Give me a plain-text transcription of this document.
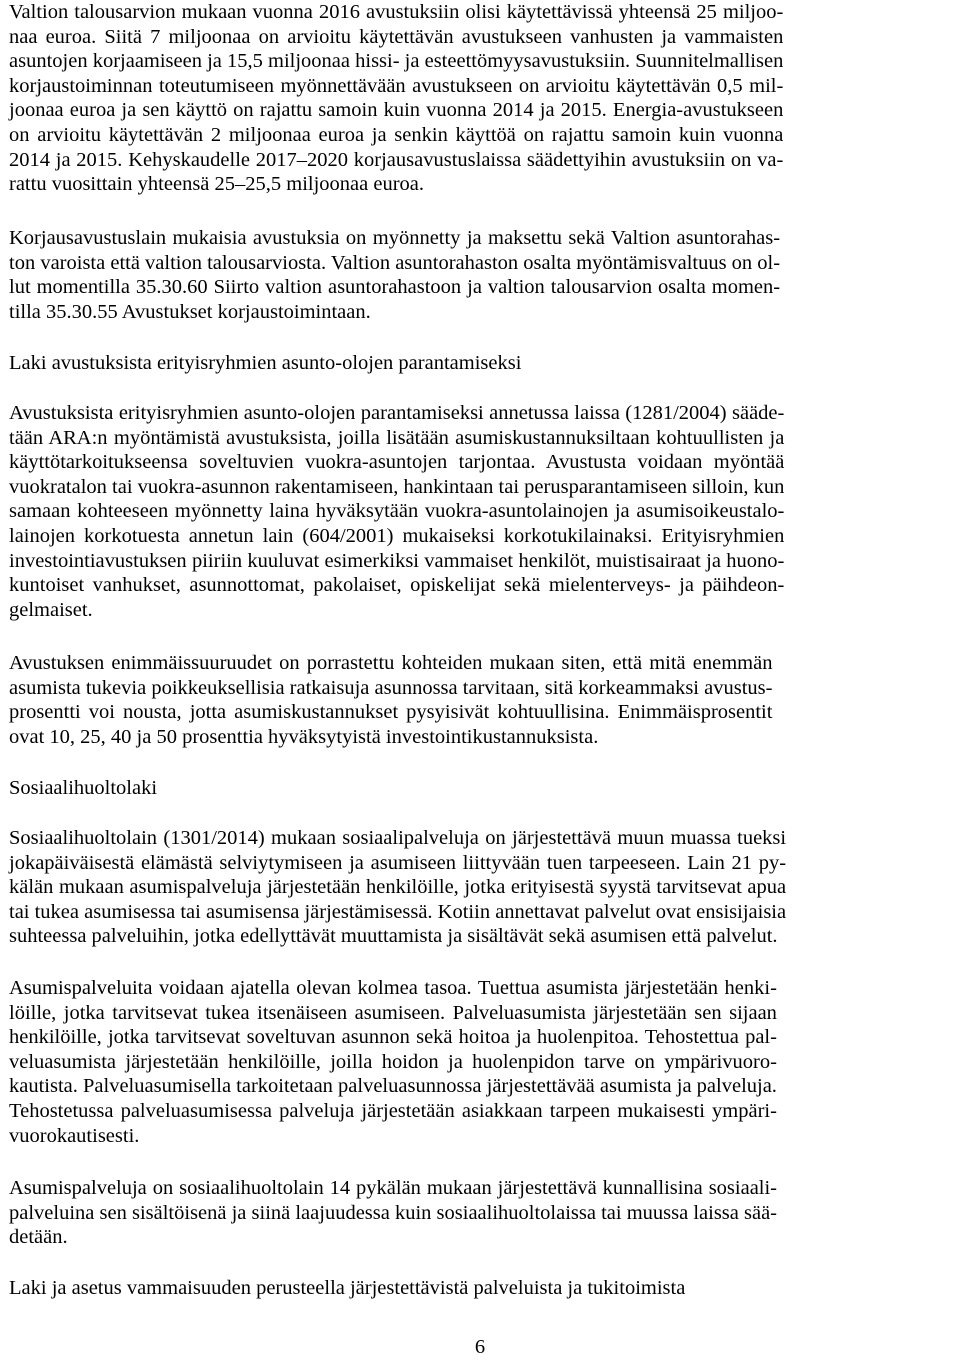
Valtion talousarvion mukaan vuonna 2016 avustuksiin olisi käytettävissä yhteensä 25 miljoo-
naa euroa. Siitä 7 miljoonaa on arvioitu käytettävän avustukseen vanhusten ja vammaisten
asuntojen korjaamiseen ja 15,5 miljoonaa hissi- ja esteettömyysavustuksiin. Suunnitelmallisen
korjaustoiminnan toteutumiseen myönnettävään avustukseen on arvioitu käytettävän 0,5 mil-
joonaa euroa ja sen käyttö on rajattu samoin kuin vuonna 2014 ja 2015. Energia-avustukseen
on arvioitu käytettävän 2 miljoonaa euroa ja senkin käyttöä on rajattu samoin kuin vuonna
2014 ja 2015. Kehyskaudelle 2017–2020 korjausavustuslaissa säädettyihin avustuksiin on va-
rattu vuosittain yhteensä 25–25,5 miljoonaa euroa.
Korjausavustuslain mukaisia avustuksia on myönnetty ja maksettu sekä Valtion asuntorahas-
ton varoista että valtion talousarviosta. Valtion asuntorahaston osalta myöntämisvaltuus on ol-
lut momentilla 35.30.60 Siirto valtion asuntorahastoon ja valtion talousarvion osalta momen-
tilla 35.30.55 Avustukset korjaustoimintaan.
Laki avustuksista erityisryhmien asunto-olojen parantamiseksi
Avustuksista erityisryhmien asunto-olojen parantamiseksi annetussa laissa (1281/2004) sääde-
tään ARA:n myöntämistä avustuksista, joilla lisätään asumiskustannuksiltaan kohtuullisten ja
käyttötarkoitukseensa soveltuvien vuokra-asuntojen tarjontaa. Avustusta voidaan myöntää
vuokratalon tai vuokra-asunnon rakentamiseen, hankintaan tai perusparantamiseen silloin, kun
samaan kohteeseen myönnetty laina hyväksytään vuokra-asuntolainojen ja asumisoikeustalo-
lainojen korkotuesta annetun lain (604/2001) mukaiseksi korkotukilainaksi. Erityisryhmien
investointiavustuksen piiriin kuuluvat esimerkiksi vammaiset henkilöt, muistisairaat ja huono-
kuntoiset vanhukset, asunnottomat, pakolaiset, opiskelijat sekä mielenterveys- ja päihdeon-
gelmaiset.
Avustuksen enimmäissuuruudet on porrastettu kohteiden mukaan siten, että mitä enemmän
asumista tukevia poikkeuksellisia ratkaisuja asunnossa tarvitaan, sitä korkeammaksi avustus-
prosentti voi nousta, jotta asumiskustannukset pysyisivät kohtuullisina. Enimmäisprosentit
ovat 10, 25, 40 ja 50 prosenttia hyväksytyistä investointikustannuksista.
Sosiaalihuoltolaki
Sosiaalihuoltolain (1301/2014) mukaan sosiaalipalveluja on järjestettävä muun muassa tueksi
jokapäiväisestä elämästä selviytymiseen ja asumiseen liittyvään tuen tarpeeseen. Lain 21 py-
kälän mukaan asumispalveluja järjestetään henkilöille, jotka erityisestä syystä tarvitsevat apua
tai tukea asumisessa tai asumisensa järjestämisessä. Kotiin annettavat palvelut ovat ensisijaisia
suhteessa palveluihin, jotka edellyttävät muuttamista ja sisältävät sekä asumisen että palvelut.
Asumispalveluita voidaan ajatella olevan kolmea tasoa. Tuettua asumista järjestetään henki-
löille, jotka tarvitsevat tukea itsenäiseen asumiseen. Palveluasumista järjestetään sen sijaan
henkilöille, jotka tarvitsevat soveltuvan asunnon sekä hoitoa ja huolenpitoa. Tehostettua pal-
veluasumista järjestetään henkilöille, joilla hoidon ja huolenpidon tarve on ympärivuoro-
kautista. Palveluasumisella tarkoitetaan palveluasunnossa järjestettävää asumista ja palveluja.
Tehostetussa palveluasumisessa palveluja järjestetään asiakkaan tarpeen mukaisesti ympäri-
vuorokautisesti.
Asumispalveluja on sosiaalihuoltolain 14 pykälän mukaan järjestettävä kunnallisina sosiaali-
palveluina sen sisältöisenä ja siinä laajuudessa kuin sosiaalihuoltolaissa tai muussa laissa sää-
detään.
Laki ja asetus vammaisuuden perusteella järjestettävistä palveluista ja tukitoimista
6
